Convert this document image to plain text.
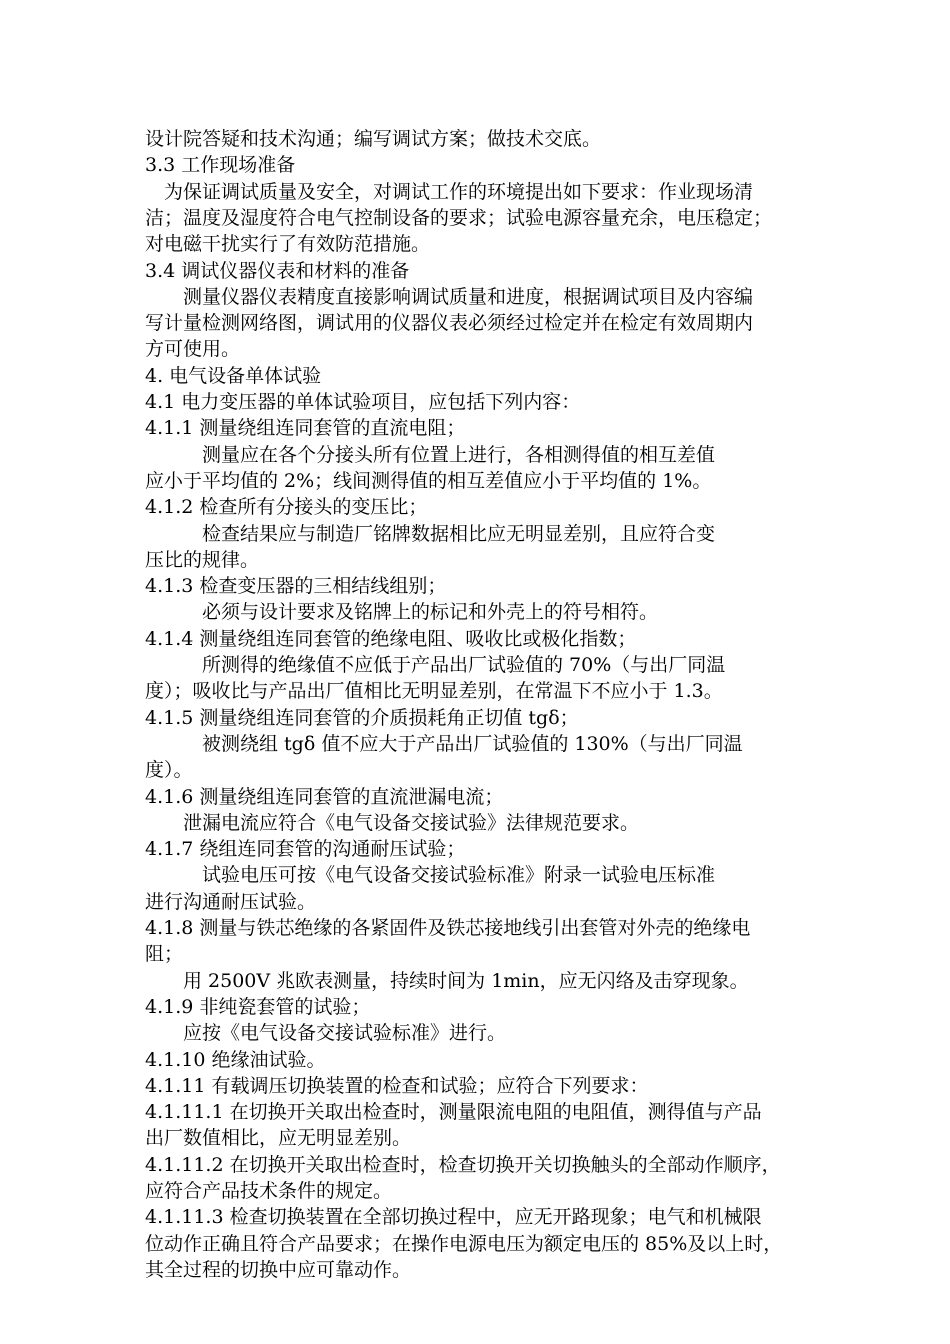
设计院答疑和技术沟通；编写调试方案；做技术交底。
3.3 工作现场准备
　为保证调试质量及安全，对调试工作的环境提出如下要求：作业现场清
洁；温度及湿度符合电气控制设备的要求；试验电源容量充余，电压稳定；
对电磁干扰实行了有效防范措施。
3.4 调试仪器仪表和材料的准备
　　测量仪器仪表精度直接影响调试质量和进度，根据调试项目及内容编
写计量检测网络图，调试用的仪器仪表必须经过检定并在检定有效周期内
方可使用。
4. 电气设备单体试验
4.1 电力变压器的单体试验项目，应包括下列内容：
4.1.1 测量绕组连同套管的直流电阻；
　　　测量应在各个分接头所有位置上进行，各相测得值的相互差值
应小于平均值的 2%；线间测得值的相互差值应小于平均值的 1%。
4.1.2 检查所有分接头的变压比；
　　　检查结果应与制造厂铭牌数据相比应无明显差别，且应符合变
压比的规律。
4.1.3 检查变压器的三相结线组别；
　　　必须与设计要求及铭牌上的标记和外壳上的符号相符。
4.1.4 测量绕组连同套管的绝缘电阻、吸收比或极化指数；
　　　所测得的绝缘值不应低于产品出厂试验值的 70%（与出厂同温
度）；吸收比与产品出厂值相比无明显差别，在常温下不应小于 1.3。
4.1.5 测量绕组连同套管的介质损耗角正切值 tgδ；
　　　被测绕组 tgδ 值不应大于产品出厂试验值的 130%（与出厂同温
度）。
4.1.6 测量绕组连同套管的直流泄漏电流；
　　泄漏电流应符合《电气设备交接试验》法律规范要求。
4.1.7 绕组连同套管的沟通耐压试验；
　　　试验电压可按《电气设备交接试验标准》附录一试验电压标准
进行沟通耐压试验。
4.1.8 测量与铁芯绝缘的各紧固件及铁芯接地线引出套管对外壳的绝缘电
阻；
　　用 2500V 兆欧表测量，持续时间为 1min，应无闪络及击穿现象。
4.1.9 非纯瓷套管的试验；
　　应按《电气设备交接试验标准》进行。
4.1.10 绝缘油试验。
4.1.11 有载调压切换装置的检查和试验；应符合下列要求：
4.1.11.1 在切换开关取出检查时，测量限流电阻的电阻值，测得值与产品
出厂数值相比，应无明显差别。
4.1.11.2 在切换开关取出检查时，检查切换开关切换触头的全部动作顺序，
应符合产品技术条件的规定。
4.1.11.3 检查切换装置在全部切换过程中，应无开路现象；电气和机械限
位动作正确且符合产品要求；在操作电源电压为额定电压的 85%及以上时，
其全过程的切换中应可靠动作。
